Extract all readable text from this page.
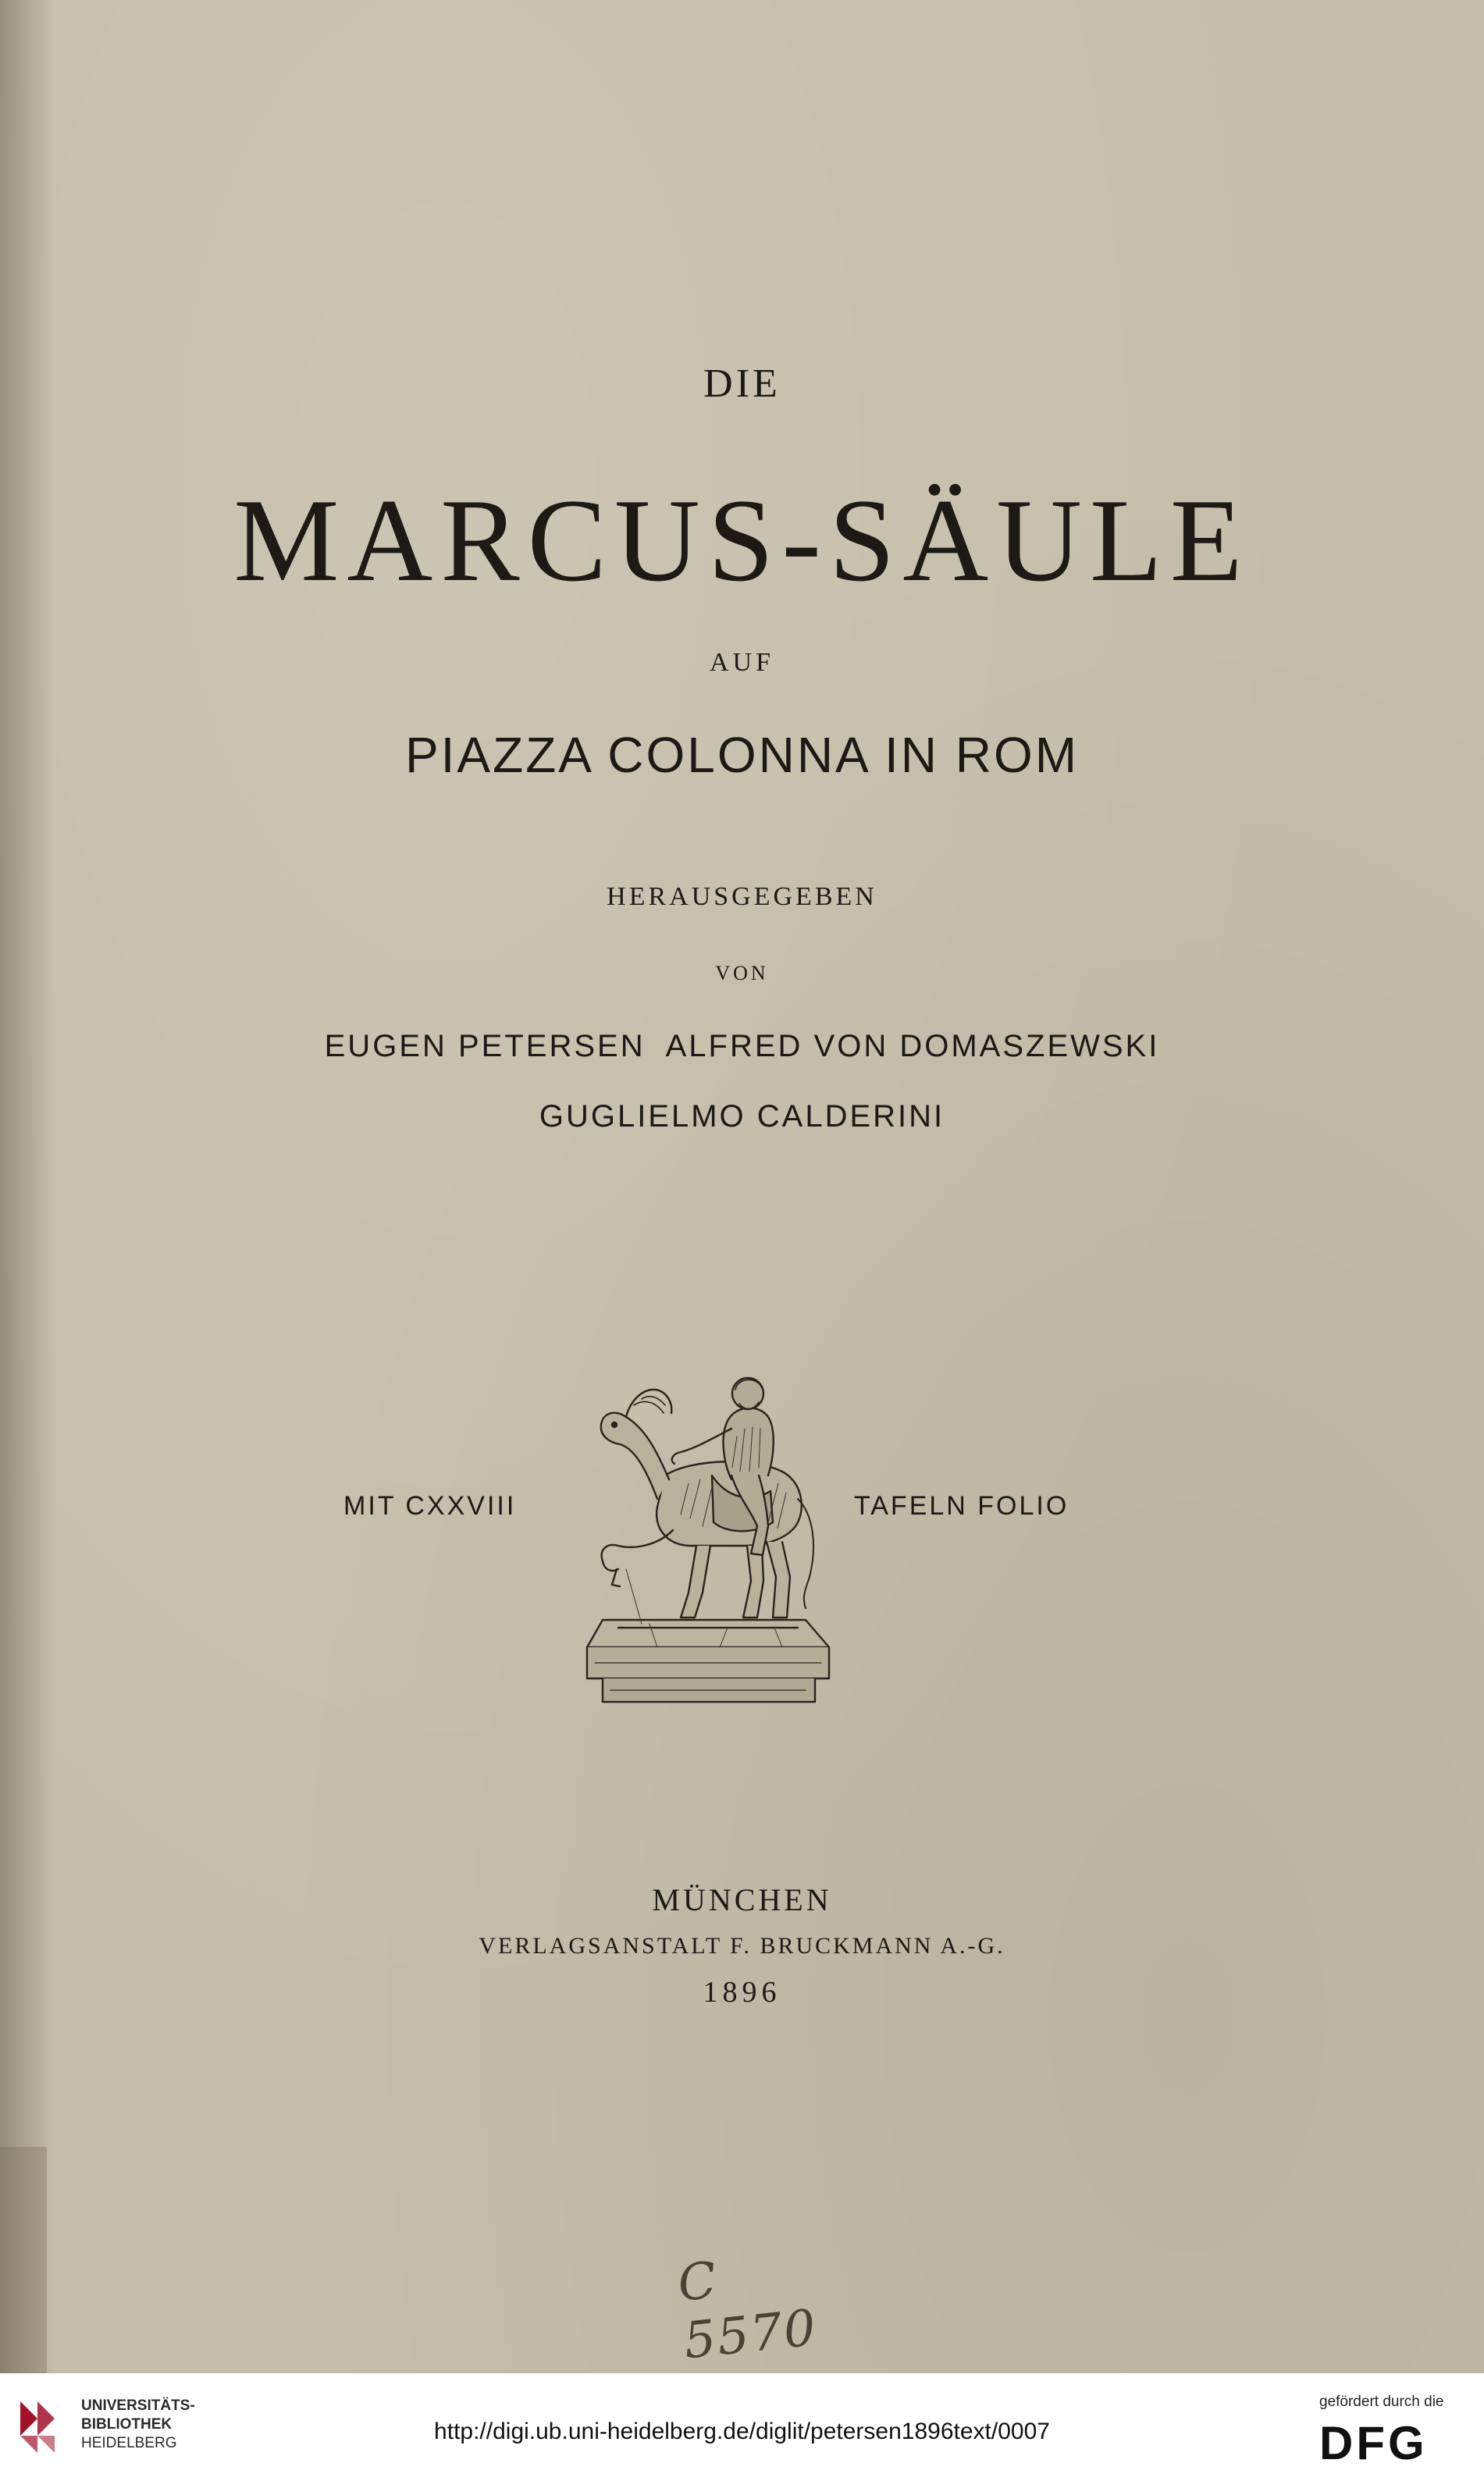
DIE

MARCUS-SÄULE

AUF

PIAZZA COLONNA IN ROM

HERAUSGEGEBEN

VON

EUGEN PETERSEN  ALFRED VON DOMASZEWSKI

GUGLIELMO CALDERINI

MIT CXXVIII	TAFELN FOLIO

MÜNCHEN

VERLAGSANSTALT F. BRUCKMANN A.-G.

1896

C 5570
UNIVERSITÄTS-
BIBLIOTHEK
HEIDELBERG	http://digi.ub.uni-heidelberg.de/diglit/petersen1896text/0007
gefördert durch die
DFG
